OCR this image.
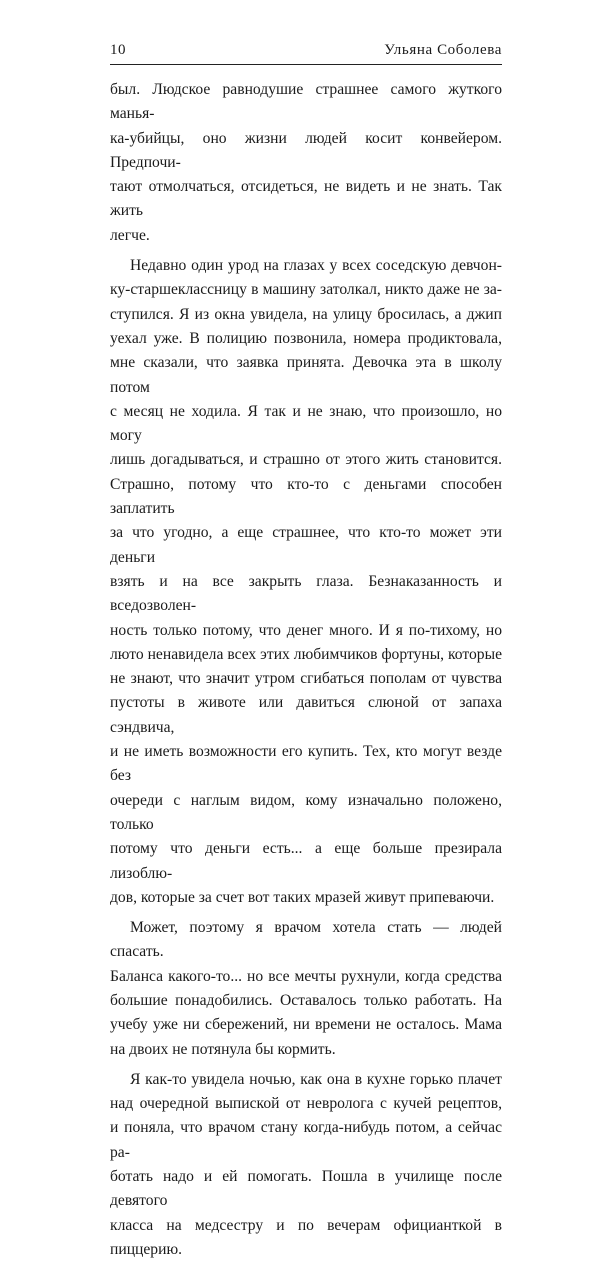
10	Ульяна Соболева

был. Людское равнодушие страшнее самого жуткого манья-

ка-убийцы, оно жизни людей косит конвейером. Предпочи-

тают отмолчаться, отсидеться, не видеть и не знать. Так жить

легче.

Недавно один урод на глазах у всех соседскую девчон-

ку-старшеклассницу в машину затолкал, никто даже не за-

ступился. Я из окна увидела, на улицу бросилась, а джип

уехал уже. В полицию позвонила, номера продиктовала,

мне сказали, что заявка принята. Девочка эта в школу потом

с месяц не ходила. Я так и не знаю, что произошло, но могу

лишь догадываться, и страшно от этого жить становится.

Страшно, потому что кто-то с деньгами способен заплатить

за что угодно, а еще страшнее, что кто-то может эти деньги

взять и на все закрыть глаза. Безнаказанность и вседозволен-

ность только потому, что денег много. И я по-тихому, но

люто ненавидела всех этих любимчиков фортуны, которые

не знают, что значит утром сгибаться пополам от чувства

пустоты в животе или давиться слюной от запаха сэндвича,

и не иметь возможности его купить. Тех, кто могут везде без

очереди с наглым видом, кому изначально положено, только

потому что деньги есть... а еще больше презирала лизоблю-

дов, которые за счет вот таких мразей живут припеваючи.

Может, поэтому я врачом хотела стать — людей спасать.

Баланса какого-то... но все мечты рухнули, когда средства

большие понадобились. Оставалось только работать. На

учебу уже ни сбережений, ни времени не осталось. Мама

на двоих не потянула бы кормить.

Я как-то увидела ночью, как она в кухне горько плачет

над очередной выпиской от невролога с кучей рецептов,

и поняла, что врачом стану когда-нибудь потом, а сейчас ра-

ботать надо и ей помогать. Пошла в училище после девятого

класса на медсестру и по вечерам официанткой в пиццерию.
